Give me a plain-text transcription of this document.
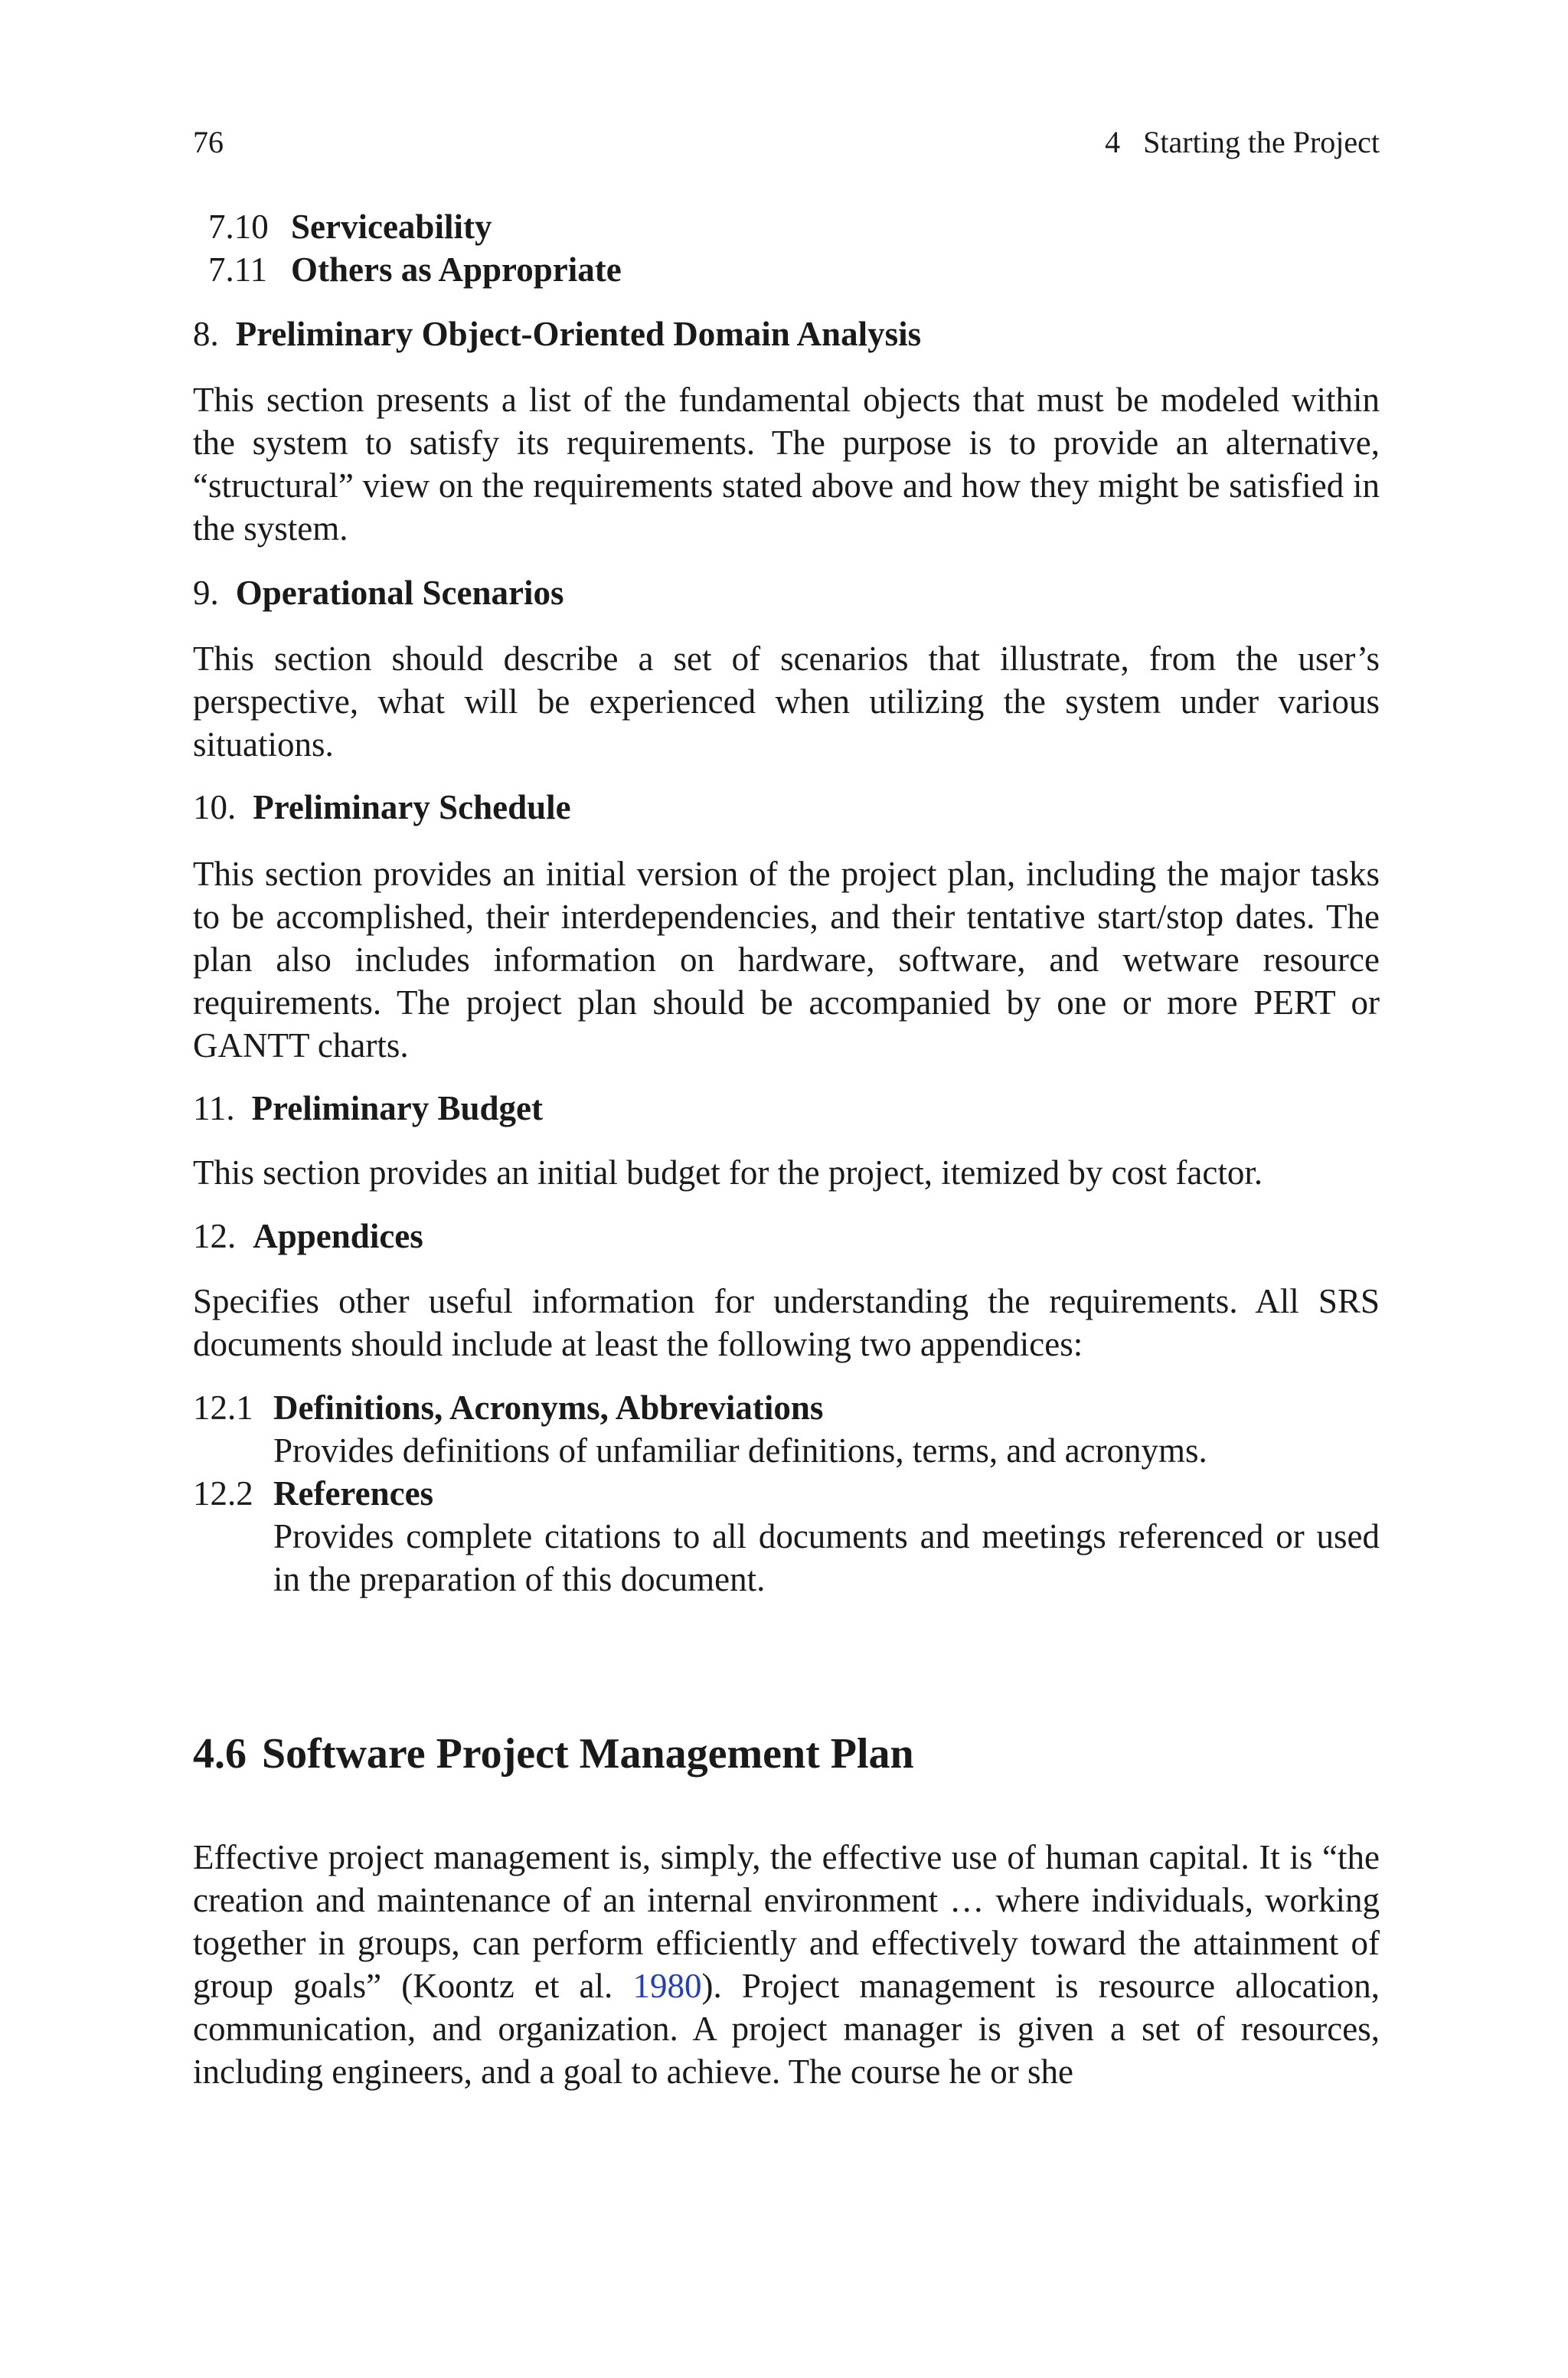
76	4 Starting the Project
7.10 Serviceability
7.11 Others as Appropriate
8. Preliminary Object-Oriented Domain Analysis
This section presents a list of the fundamental objects that must be modeled within the system to satisfy its requirements. The purpose is to provide an alternative, “structural” view on the requirements stated above and how they might be satisfied in the system.
9. Operational Scenarios
This section should describe a set of scenarios that illustrate, from the user’s perspective, what will be experienced when utilizing the system under various situations.
10. Preliminary Schedule
This section provides an initial version of the project plan, including the major tasks to be accomplished, their interdependencies, and their tentative start/stop dates. The plan also includes information on hardware, software, and wetware resource requirements. The project plan should be accompanied by one or more PERT or GANTT charts.
11. Preliminary Budget
This section provides an initial budget for the project, itemized by cost factor.
12. Appendices
Specifies other useful information for understanding the requirements. All SRS documents should include at least the following two appendices:
12.1 Definitions, Acronyms, Abbreviations
Provides definitions of unfamiliar definitions, terms, and acronyms.
12.2 References
Provides complete citations to all documents and meetings referenced or used in the preparation of this document.
4.6 Software Project Management Plan
Effective project management is, simply, the effective use of human capital. It is “the creation and maintenance of an internal environment … where individuals, working together in groups, can perform efficiently and effectively toward the attainment of group goals” (Koontz et al. 1980). Project management is resource allocation, communication, and organization. A project manager is given a set of resources, including engineers, and a goal to achieve. The course he or she
